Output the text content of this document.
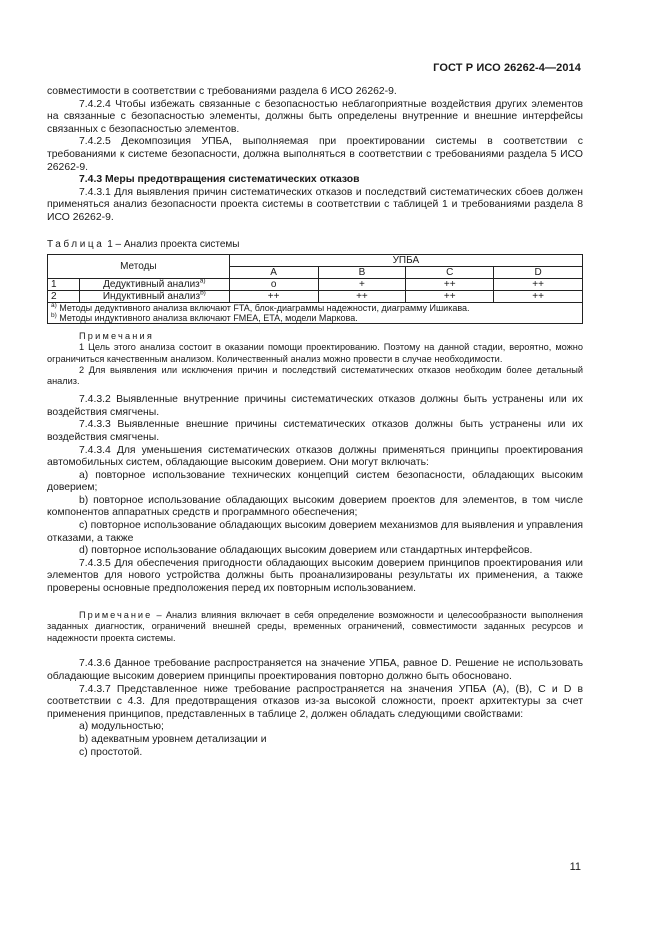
ГОСТ Р ИСО 26262-4—2014

совместимости в соответствии с требованиями раздела 6 ИСО 26262-9.

7.4.2.4 Чтобы избежать связанные с безопасностью неблагоприятные воздействия других элементов на связанные с безопасностью элементы, должны быть определены внутренние и внешние интерфейсы связанных с безопасностью элементов.

7.4.2.5 Декомпозиция УПБА, выполняемая при проектировании системы в соответствии с требованиями к системе безопасности, должна выполняться в соответствии с требованиями раздела 5 ИСО 26262-9.

7.4.3 Меры предотвращения систематических отказов

7.4.3.1 Для выявления причин систематических отказов и последствий систематических сбоев должен применяться анализ безопасности проекта системы в соответствии с таблицей 1 и требованиями раздела 8 ИСО 26262-9.

Таблица 1 – Анализ проекта системы

Методы		УПБА			
		A	B	C	D
1	Дедуктивный анализ$^{a)}$	o	+	++	++
2	Индуктивный анализ$^{b)}$	++	++	++	++

$^{a)}$ Методы дедуктивного анализа включают FTA, блок-диаграммы надежности, диаграмму Ишикава.
$^{b)}$ Методы индуктивного анализа включают FMEA, ETA, модели Маркова.					

Примечания

1 Цель этого анализа состоит в оказании помощи проектированию. Поэтому на данной стадии, вероятно, можно ограничиться качественным анализом. Количественный анализ можно провести в случае необходимости.

2 Для выявления или исключения причин и последствий систематических отказов необходим более детальный анализ.

7.4.3.2 Выявленные внутренние причины систематических отказов должны быть устранены или их воздействия смягчены.

7.4.3.3 Выявленные внешние причины систематических отказов должны быть устранены или их воздействия смягчены.

7.4.3.4 Для уменьшения систематических отказов должны применяться принципы проектирования автомобильных систем, обладающие высоким доверием. Они могут включать:

a) повторное использование технических концепций систем безопасности, обладающих высоким доверием;

b) повторное использование обладающих высоким доверием проектов для элементов, в том числе компонентов аппаратных средств и программного обеспечения;

c) повторное использование обладающих высоким доверием механизмов для выявления и управления отказами, а также

d) повторное использование обладающих высоким доверием или стандартных интерфейсов.

7.4.3.5 Для обеспечения пригодности обладающих высоким доверием принципов проектирования или элементов для нового устройства должны быть проанализированы результаты их применения, а также проверены основные предположения перед их повторным использованием.

Примечание – Анализ влияния включает в себя определение возможности и целесообразности выполнения заданных диагностик, ограничений внешней среды, временных ограничений, совместимости заданных ресурсов и надежности проекта системы.

7.4.3.6 Данное требование распространяется на значение УПБА, равное D. Решение не использовать обладающие высоким доверием принципы проектирования повторно должно быть обосновано.

7.4.3.7 Представленное ниже требование распространяется на значения УПБА (A), (B), C и D в соответствии с 4.3. Для предотвращения отказов из-за высокой сложности, проект архитектуры за счет применения принципов, представленных в таблице 2, должен обладать следующими свойствами:

a) модульностью;

b) адекватным уровнем детализации и

c) простотой.

11
